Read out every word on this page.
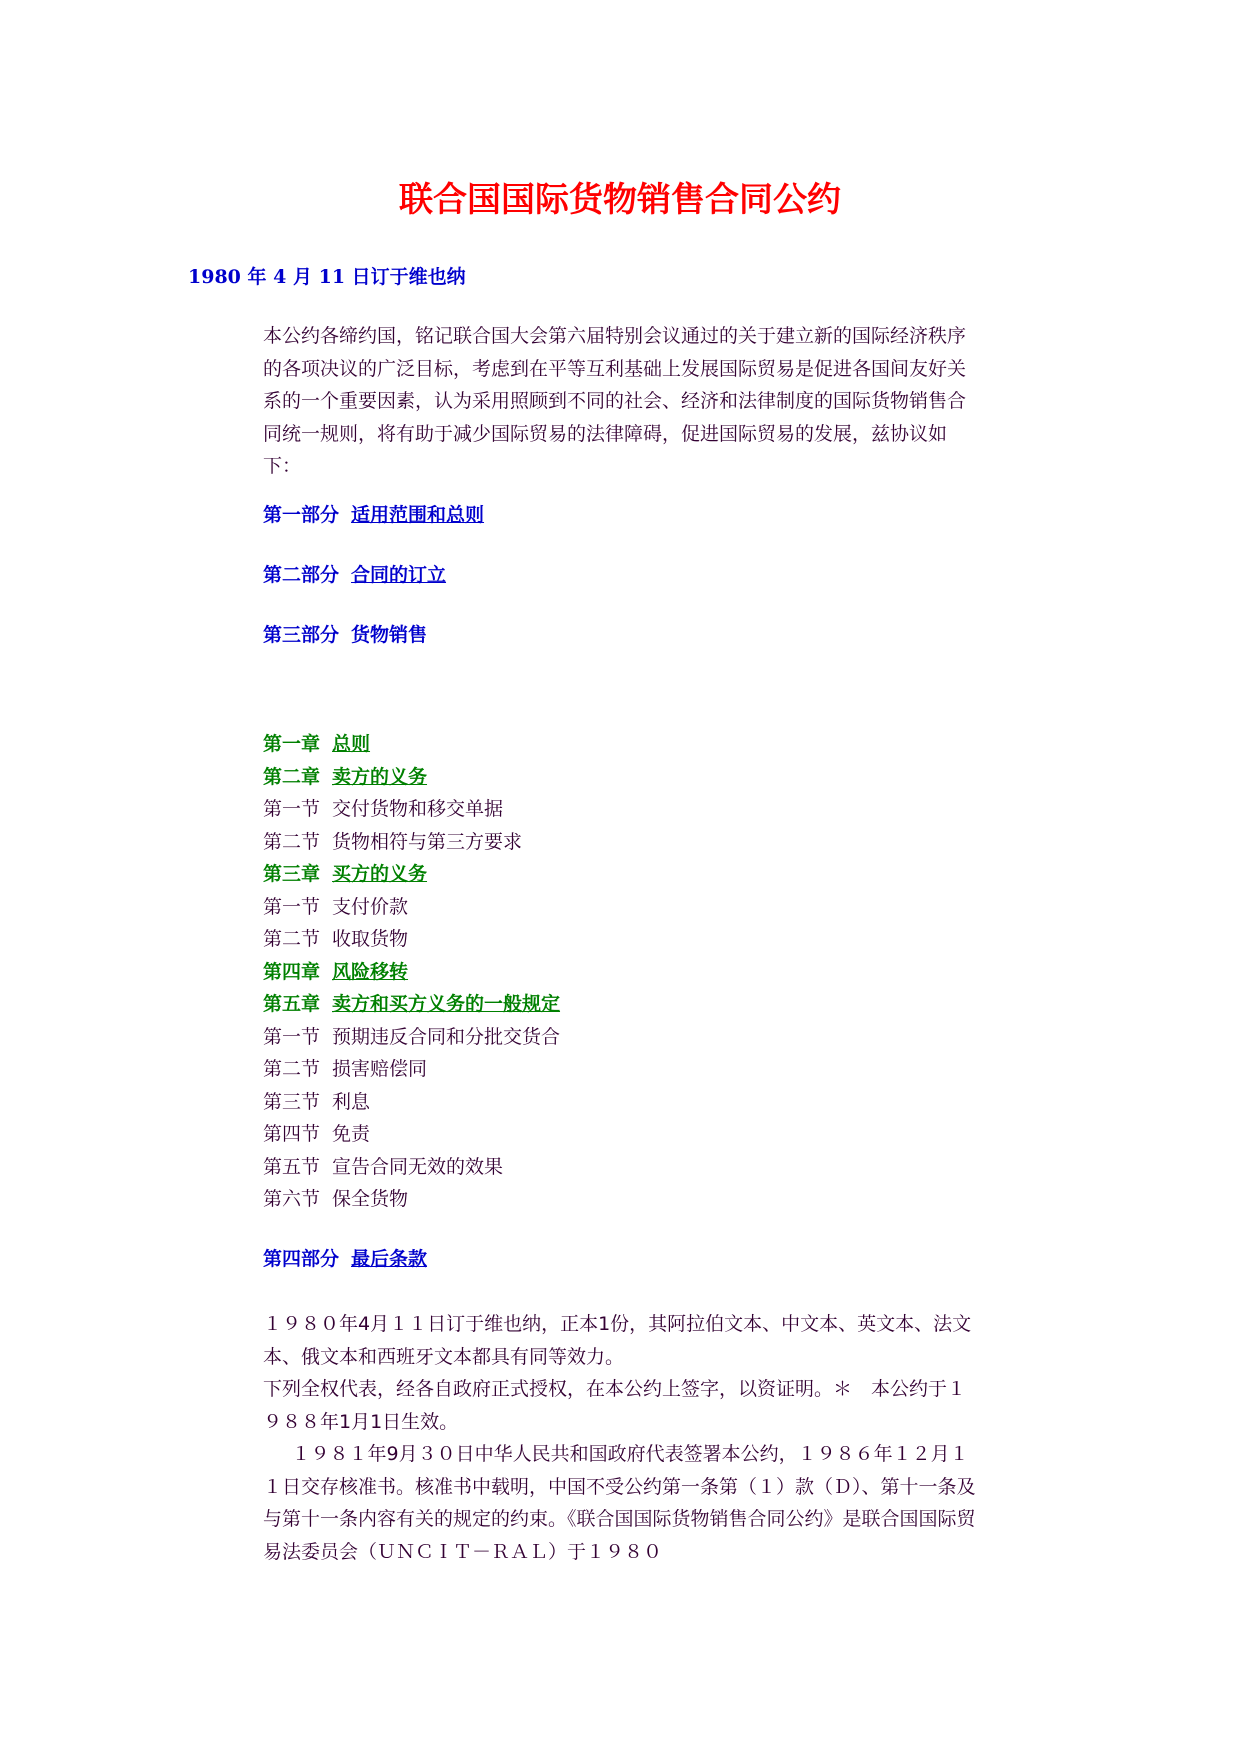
联合国国际货物销售合同公约

1980 年 4 月 11 日订于维也纳

本公约各缔约国，铭记联合国大会第六届特别会议通过的关于建立新的国际经济秩序的各项决议的广泛目标，考虑到在平等互利基础上发展国际贸易是促进各国间友好关系的一个重要因素，认为采用照顾到不同的社会、经济和法律制度的国际货物销售合同统一规则，将有助于减少国际贸易的法律障碍，促进国际贸易的发展，兹协议如下：

第一部分 适用范围和总则

第二部分 合同的订立

第三部分 货物销售

第一章 总则
第二章 卖方的义务
第一节 交付货物和移交单据
第二节 货物相符与第三方要求
第三章 买方的义务
第一节 支付价款
第二节 收取货物
第四章 风险移转
第五章 卖方和买方义务的一般规定
第一节 预期违反合同和分批交货合
第二节 损害赔偿同
第三节 利息
第四节 免责
第五节 宣告合同无效的效果
第六节 保全货物

第四部分 最后条款

１９８０年4月１１日订于维也纳，正本1份，其阿拉伯文本、中文本、英文本、法文本、俄文本和西班牙文本都具有同等效力。

下列全权代表，经各自政府正式授权，在本公约上签字，以资证明。＊　本公约于１９８８年1月1日生效。

１９８１年9月３０日中华人民共和国政府代表签署本公约，１９８６年１２月１１日交存核准书。核准书中载明，中国不受公约第一条第（１）款（Ｄ）、第十一条及与第十一条内容有关的规定的约束。《联合国国际货物销售合同公约》是联合国国际贸易法委员会（ＵＮＣＩＴ－ＲＡＬ）于１９８０
